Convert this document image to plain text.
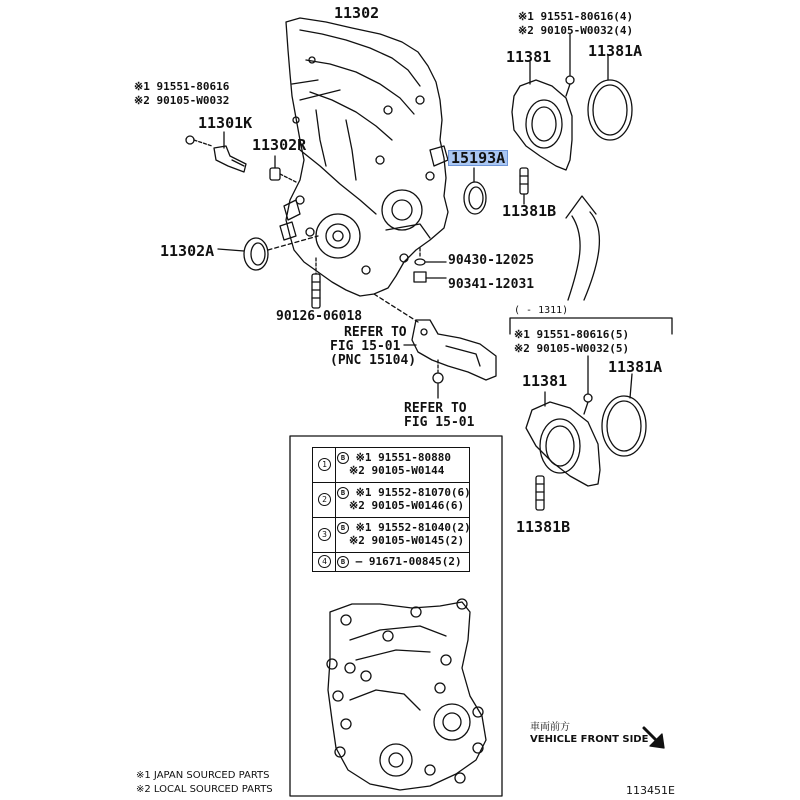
11302
※1 91551-80616
※2 90105-W0032
11301K
11302R
11302A
90430-12025
90341-12031
90126-06018
REFER TO
FIG 15-01
(PNC 15104)
REFER TO
FIG 15-01
※1 91551-80616(4)
※2 90105-W0032(4)
11381 11381A
15193A
11381B
( - 1311)
※1 91551-80616(5)
※2 90105-W0032(5)
11381
11381A
11381B
1
B ※1 91551-80880
※2 90105-W0144
2
B ※1 91552-81070(6)
※2 90105-W0146(6)
3
B ※1 91552-81040(2)
※2 90105-W0145(2)
4	B — 91671-00845(2)
車両前方
VEHICLE FRONT SIDE
※1 JAPAN SOURCED PARTS
※2 LOCAL SOURCED PARTS	113451E
